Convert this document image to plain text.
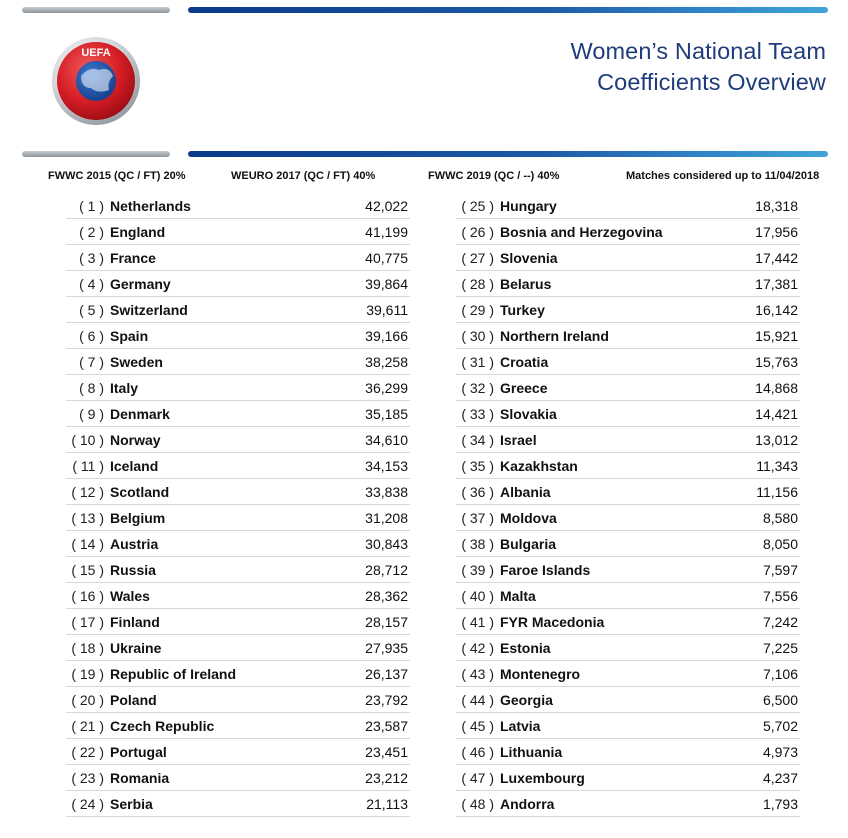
UEFA	Women’s National Team
Coefficients Overview
FWWC 2015 (QC / FT) 20%	WEURO 2017 (QC / FT) 40%	FWWC 2019 (QC / --) 40%	Matches considered up to 11/04/2018
( 1 ) Netherlands	42,022
( 2 ) England	41,199
( 3 ) France	40,775
( 4 ) Germany	39,864
( 5 ) Switzerland	39,611
( 6 ) Spain	39,166
( 7 ) Sweden	38,258
( 8 ) Italy	36,299
( 9 ) Denmark	35,185
( 10 ) Norway	34,610
( 11 ) Iceland	34,153
( 12 ) Scotland	33,838
( 13 ) Belgium	31,208
( 14 ) Austria	30,843
( 15 ) Russia	28,712
( 16 ) Wales	28,362
( 17 ) Finland	28,157
( 18 ) Ukraine	27,935
( 19 ) Republic of Ireland	26,137
( 20 ) Poland	23,792
( 21 ) Czech Republic	23,587
( 22 ) Portugal	23,451
( 23 ) Romania	23,212
( 24 ) Serbia	21,113
( 25 ) Hungary	18,318
( 26 ) Bosnia and Herzegovina	17,956
( 27 ) Slovenia	17,442
( 28 ) Belarus	17,381
( 29 ) Turkey	16,142
( 30 ) Northern Ireland	15,921
( 31 ) Croatia	15,763
( 32 ) Greece	14,868
( 33 ) Slovakia	14,421
( 34 ) Israel	13,012
( 35 ) Kazakhstan	11,343
( 36 ) Albania	11,156
( 37 ) Moldova	8,580
( 38 ) Bulgaria	8,050
( 39 ) Faroe Islands	7,597
( 40 ) Malta	7,556
( 41 ) FYR Macedonia	7,242
( 42 ) Estonia	7,225
( 43 ) Montenegro	7,106
( 44 ) Georgia	6,500
( 45 ) Latvia	5,702
( 46 ) Lithuania	4,973
( 47 ) Luxembourg	4,237
( 48 ) Andorra	1,793
